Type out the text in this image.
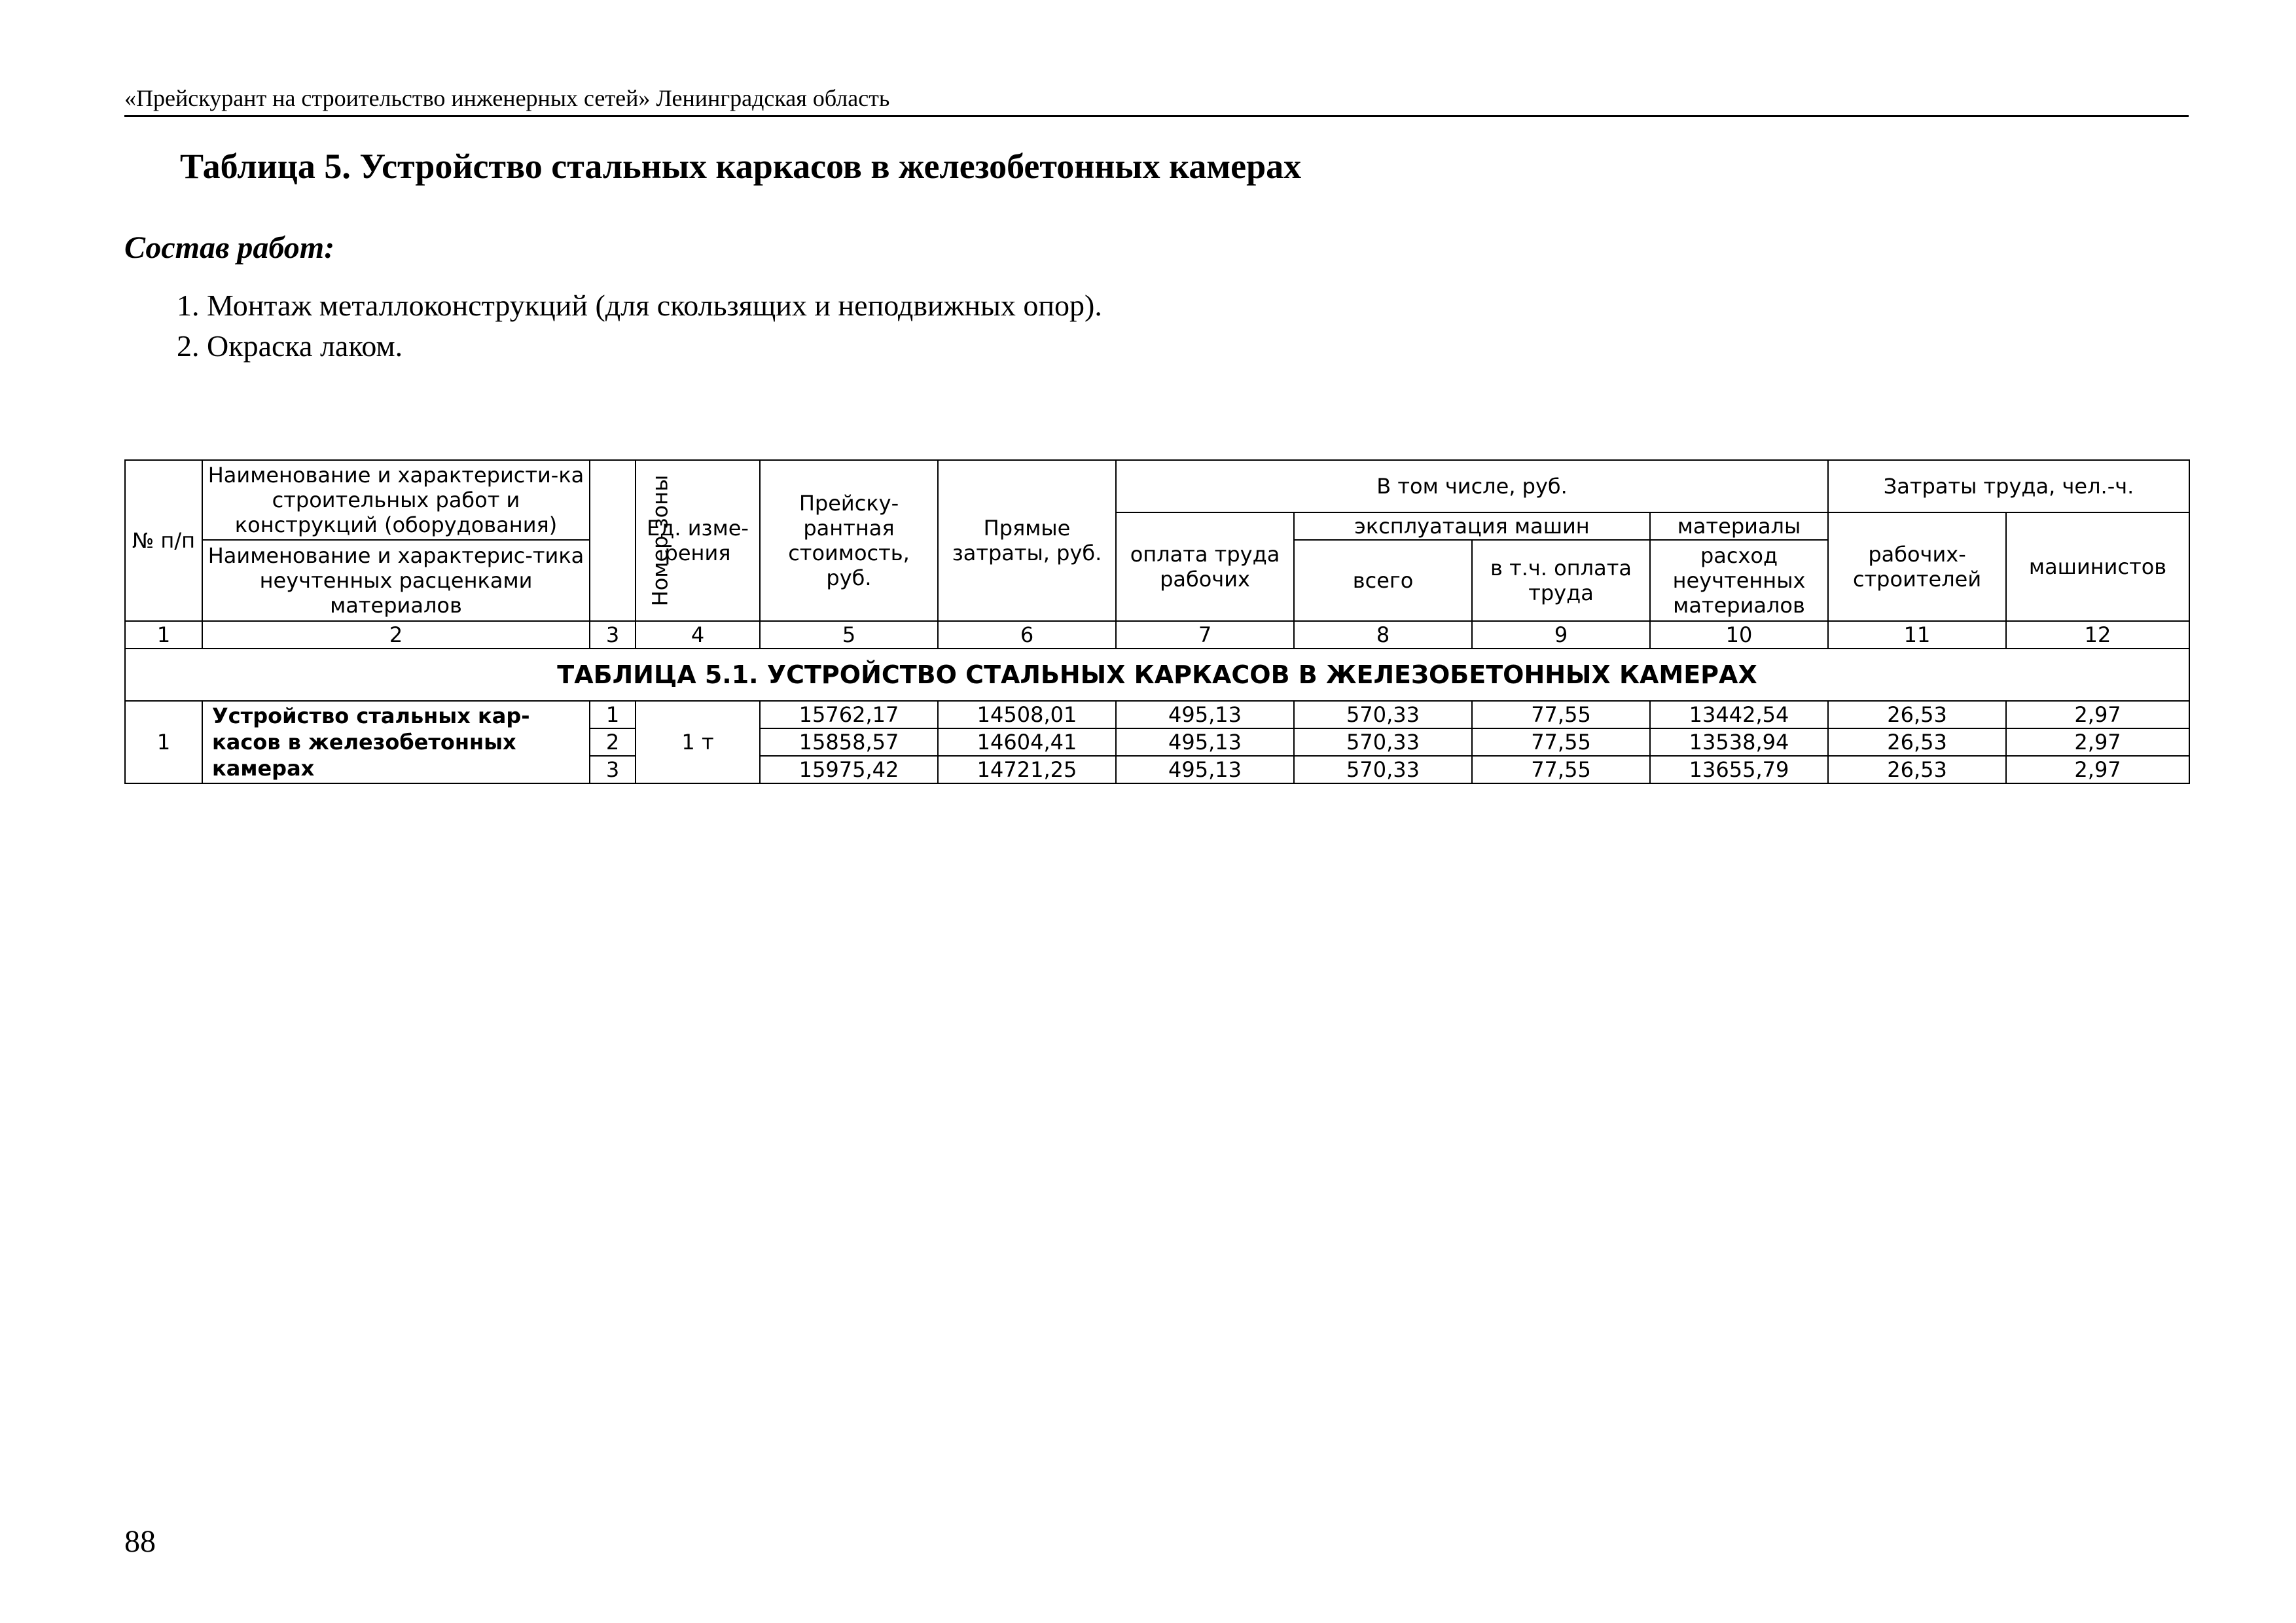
«Прейскурант на строительство инженерных сетей» Ленинградская область
Таблица 5. Устройство стальных каркасов в железобетонных камерах
Состав работ:
1. Монтаж металлоконструкций (для скользящих и неподвижных опор).
2. Окраска лаком.
№ п/п	Наименование и характеристи-ка строительных работ и конструкций (оборудования)	Номер зоны	Ед. изме-рения	Прейску-рантная стоимость, руб.	Прямые затраты, руб.	В том числе, руб.				Затраты труда, чел.-ч.	
						оплата труда рабочих	эксплуатация машин		материалы	рабочих-строителей	машинистов
	Наименование и характерис-тика неучтенных расценками материалов						всего	в т.ч. оплата труда	расход неучтенных материалов		
1	2	3	4	5	6	7	8	9	10	11	12
ТАБЛИЦА 5.1. УСТРОЙСТВО СТАЛЬНЫХ КАРКАСОВ В ЖЕЛЕЗОБЕТОННЫХ КАМЕРАХ											
1	Устройство стальных кар-касов в железобетонных камерах	1	1 т	15762,17	14508,01	495,13	570,33	77,55	13442,54	26,53	2,97
		2		15858,57	14604,41	495,13	570,33	77,55	13538,94	26,53	2,97
		3		15975,42	14721,25	495,13	570,33	77,55	13655,79	26,53	2,97
88
